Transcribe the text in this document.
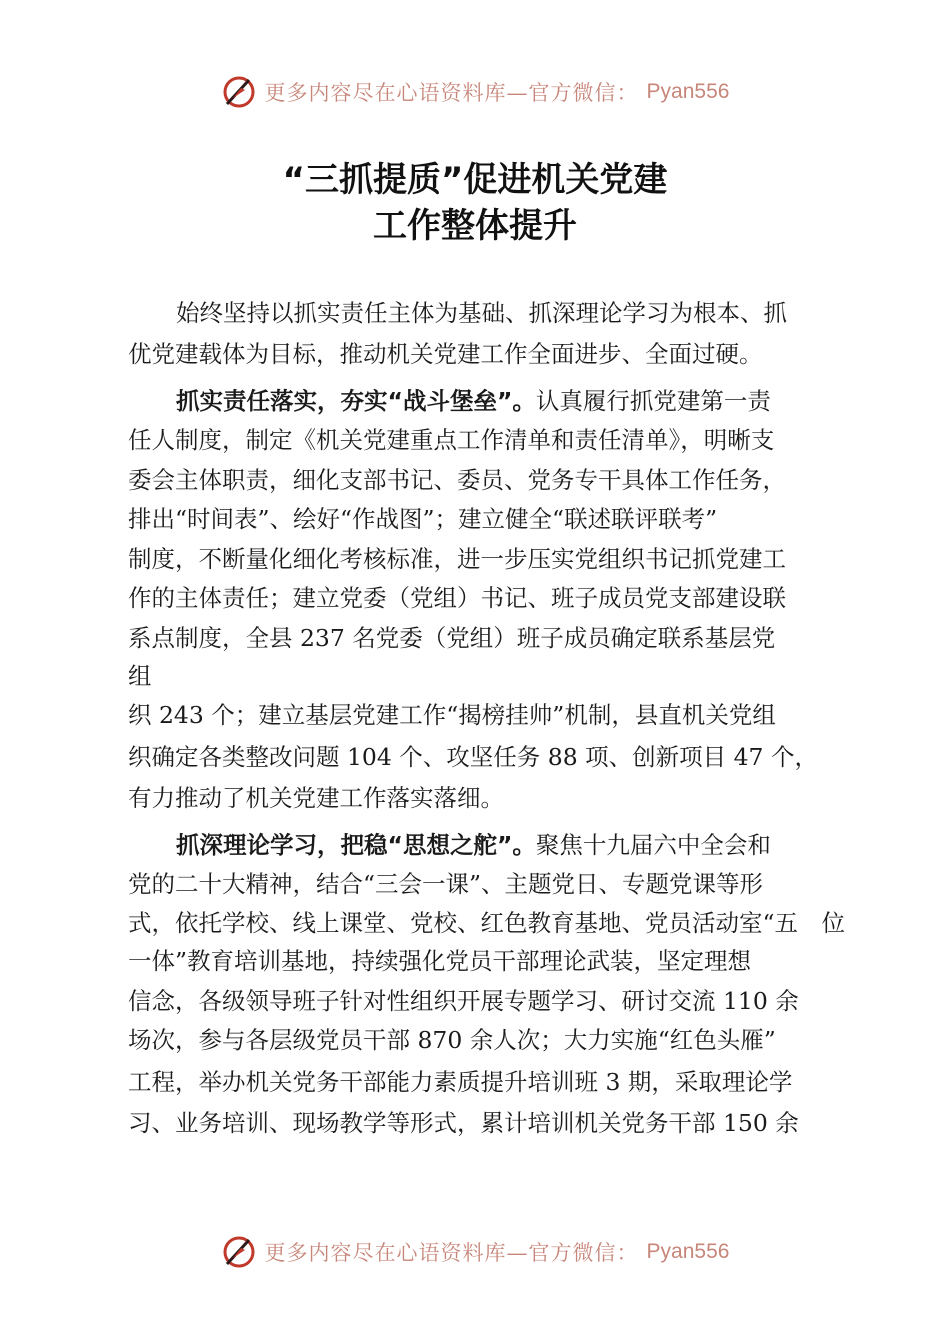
更多内容尽在心语资料库—官方微信： Pyan556
“三抓提质”促进机关党建
工作整体提升
始终坚持以抓实责任主体为基础、抓深理论学习为根本、抓
优党建载体为目标，推动机关党建工作全面进步、全面过硬。
抓实责任落实，夯实“战斗堡垒”。认真履行抓党建第一责
任人制度，制定《机关党建重点工作清单和责任清单》，明晰支
委会主体职责，细化支部书记、委员、党务专干具体工作任务，
排出“时间表”、绘好“作战图”；建立健全“联述联评联考”
制度，不断量化细化考核标准，进一步压实党组织书记抓党建工
作的主体责任；建立党委（党组）书记、班子成员党支部建设联
系点制度，全县 237 名党委（党组）班子成员确定联系基层党
组
织 243 个；建立基层党建工作“揭榜挂帅”机制，县直机关党组
织确定各类整改问题 104 个、攻坚任务 88 项、创新项目 47 个，
有力推动了机关党建工作落实落细。
抓深理论学习，把稳“思想之舵”。聚焦十九届六中全会和
党的二十大精神，结合“三会一课”、主题党日、专题党课等形
式，依托学校、线上课堂、党校、红色教育基地、党员活动室“五　位
一体”教育培训基地，持续强化党员干部理论武装，坚定理想
信念，各级领导班子针对性组织开展专题学习、研讨交流 110 余
场次，参与各层级党员干部 870 余人次；大力实施“红色头雁”
工程，举办机关党务干部能力素质提升培训班 3 期，采取理论学
习、业务培训、现场教学等形式，累计培训机关党务干部 150 余
更多内容尽在心语资料库—官方微信： Pyan556
